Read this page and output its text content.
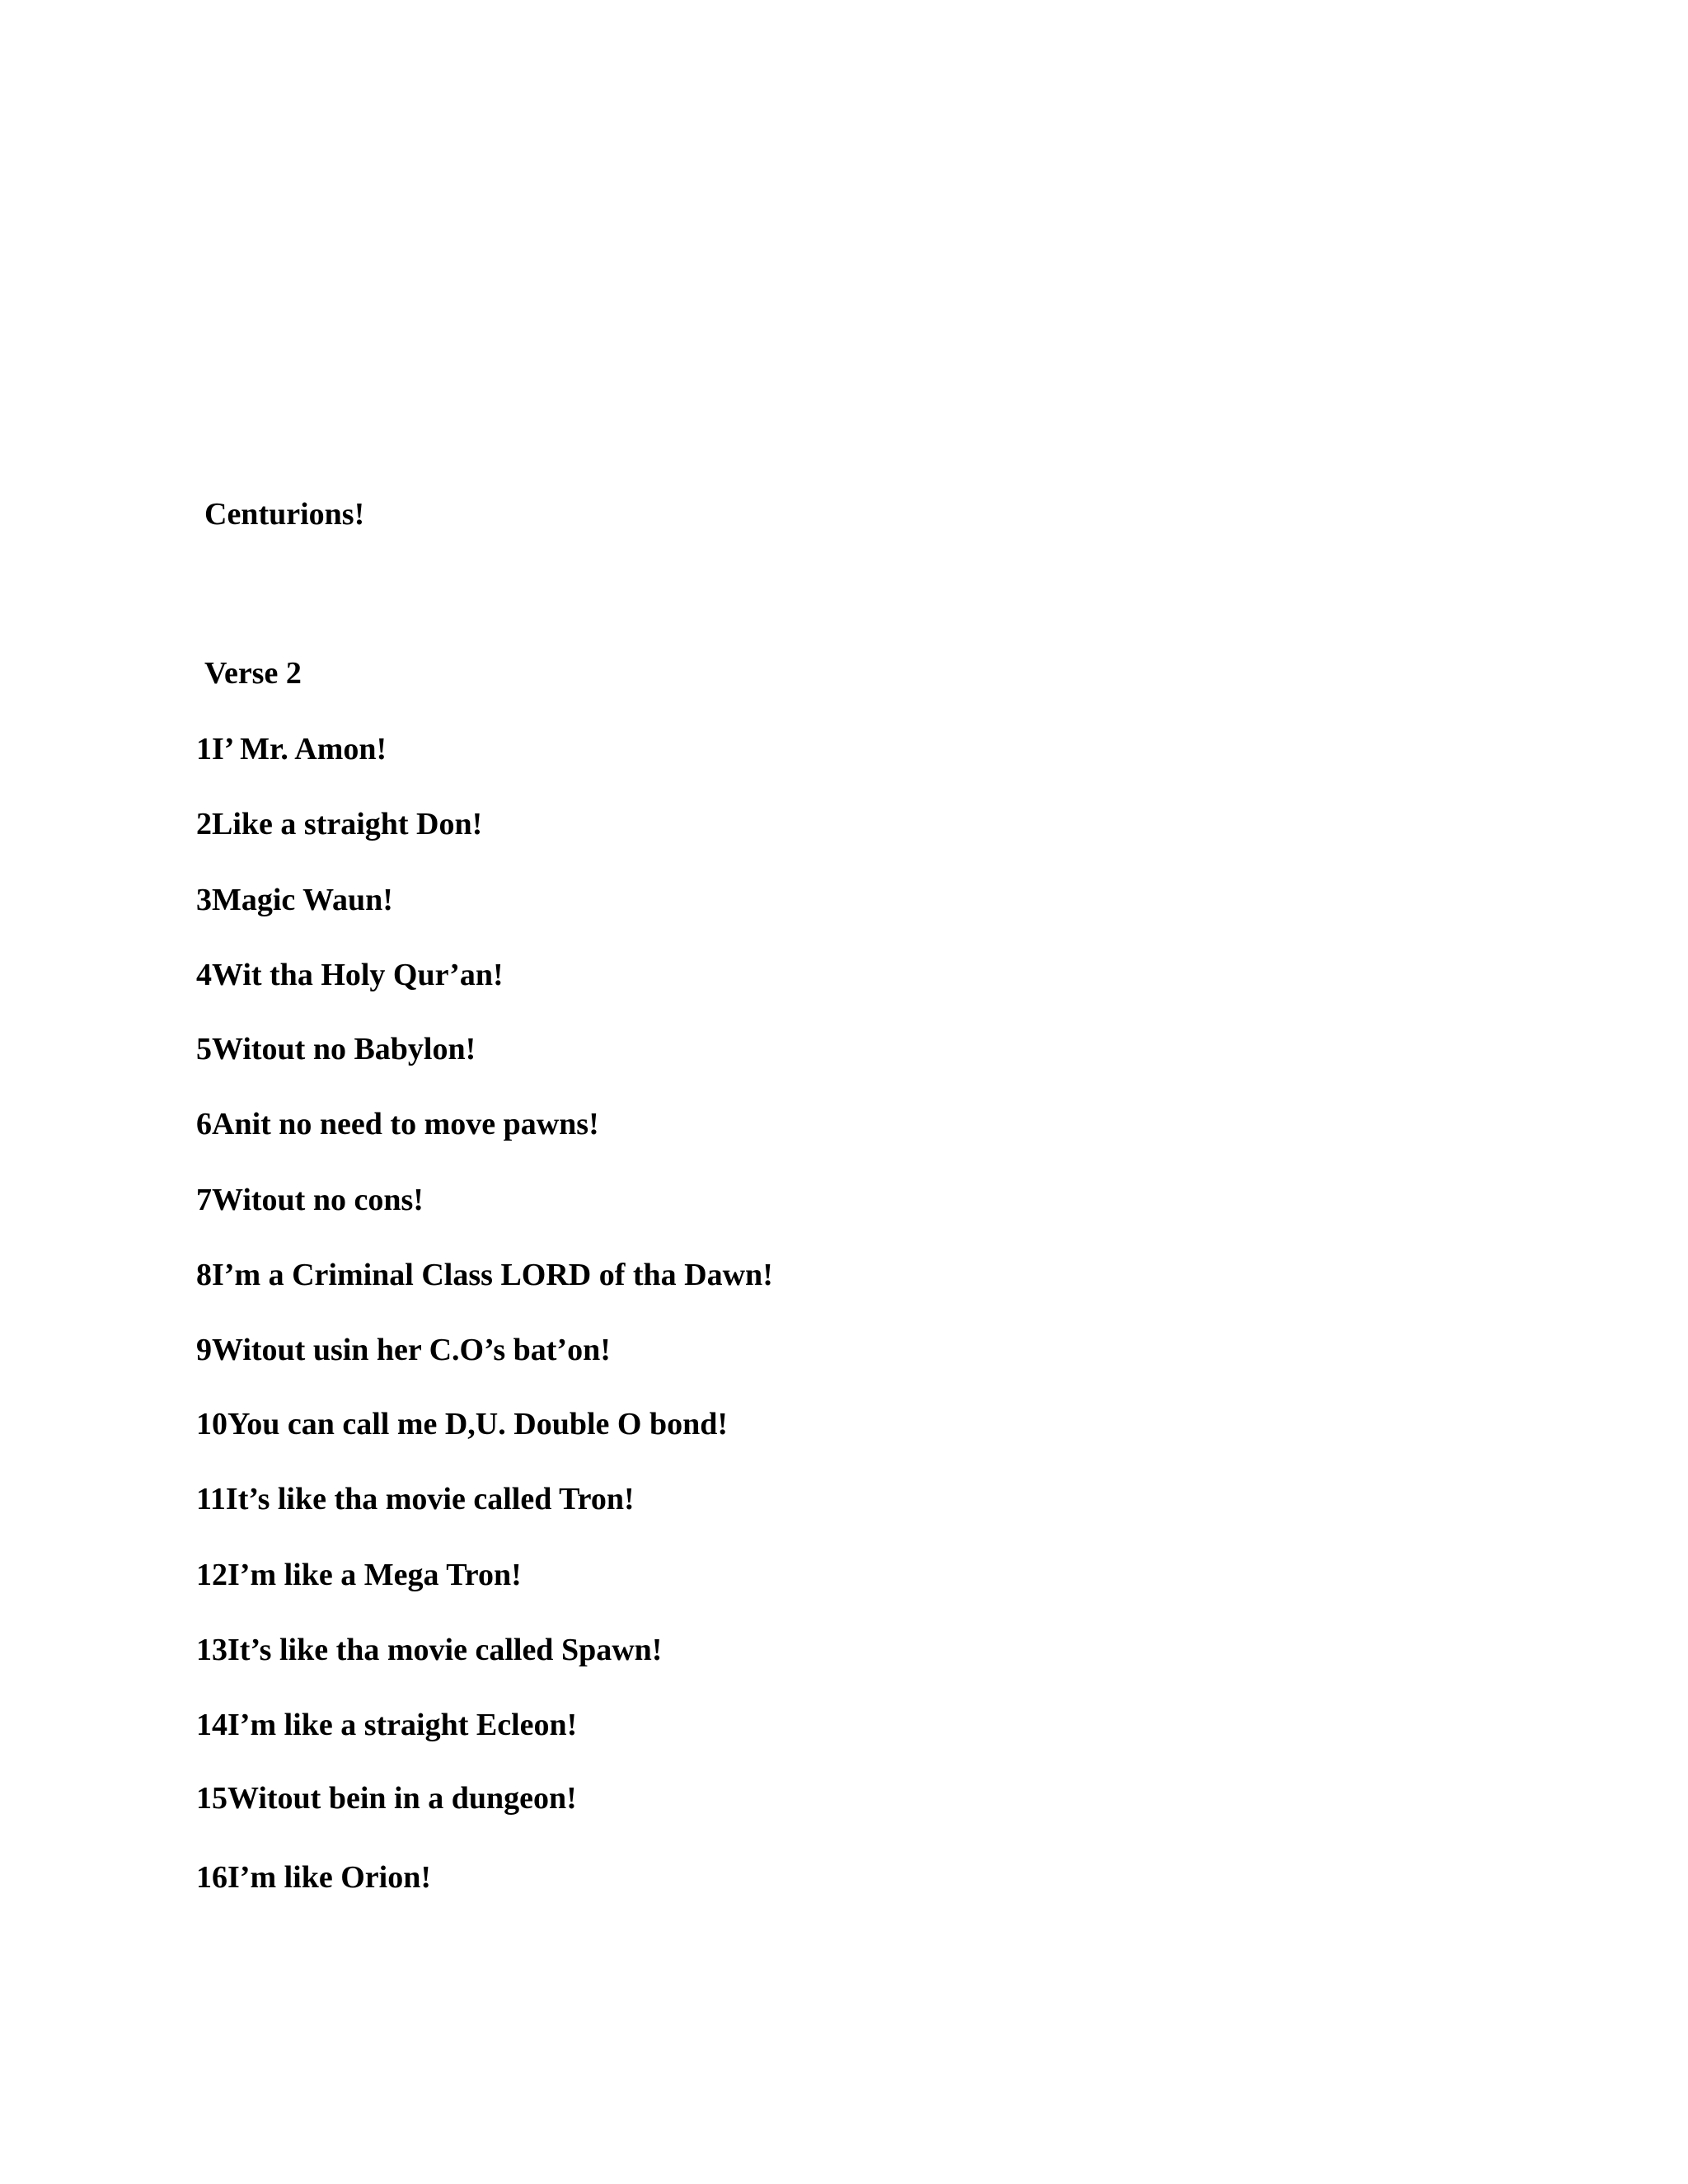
Centurions!
Verse 2
1I’ Mr. Amon!
2Like a straight Don!
3Magic Waun!
4Wit tha Holy Qur’an!
5Witout no Babylon!
6Anit no need to move pawns!
7Witout no cons!
8I’m a Criminal Class LORD of tha Dawn!
9Witout usin her C.O’s bat’on!
10You can call me D,U. Double O bond!
11It’s like tha movie called Tron!
12I’m like a Mega Tron!
13It’s like tha movie called Spawn!
14I’m like a straight Ecleon!
15Witout bein in a dungeon!
16I’m like Orion!
